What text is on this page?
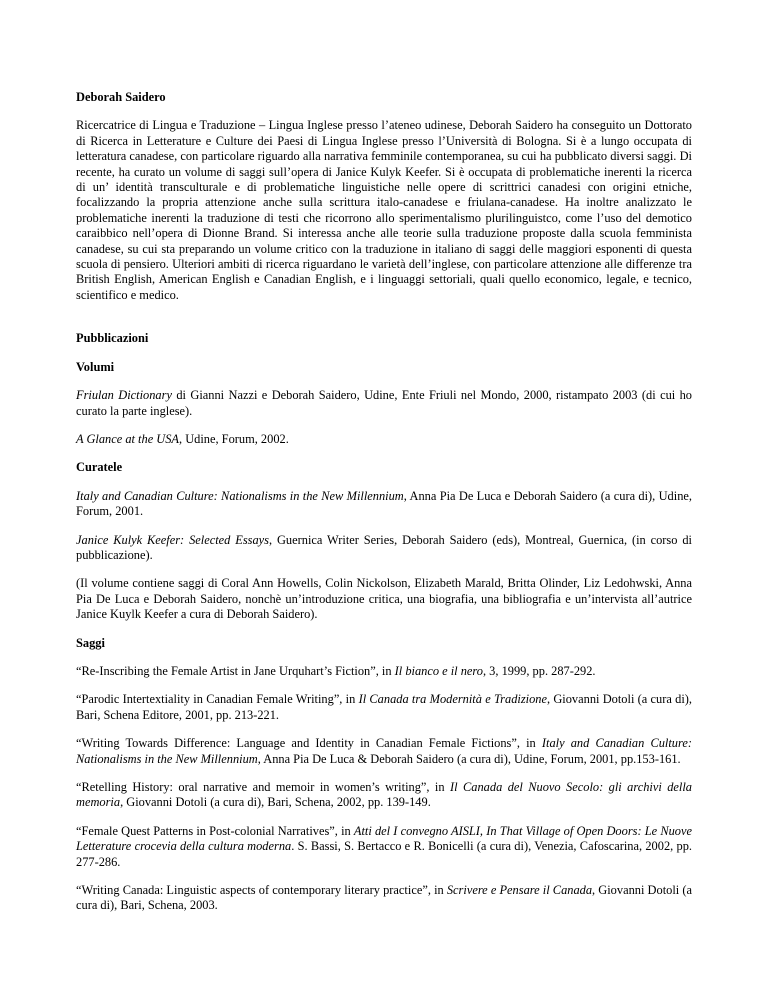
Deborah Saidero

Ricercatrice di Lingua e Traduzione – Lingua Inglese presso l’ateneo udinese, Deborah Saidero ha conseguito un Dottorato di Ricerca in Letterature e Culture dei Paesi di Lingua Inglese presso l’Università di Bologna. Si è a lungo occupata di letteratura canadese, con particolare riguardo alla narrativa femminile contemporanea, su cui ha pubblicato diversi saggi. Di recente, ha curato un volume di saggi sull’opera di Janice Kulyk Keefer. Si è occupata di problematiche inerenti la ricerca di un’ identità transculturale e di problematiche linguistiche nelle opere di scrittrici canadesi con origini etniche, focalizzando la propria attenzione anche sulla scrittura italo-canadese e friulana-canadese. Ha inoltre analizzato le problematiche inerenti la traduzione di testi che ricorrono allo sperimentalismo plurilinguistco, come l’uso del demotico caraibbico nell’opera di Dionne Brand. Si interessa anche alle teorie sulla traduzione proposte dalla scuola femminista canadese, su cui sta preparando un volume critico con la traduzione in italiano di saggi delle maggiori esponenti di questa scuola di pensiero. Ulteriori ambiti di ricerca riguardano le varietà dell’inglese, con particolare attenzione alle differenze tra British English, American English e Canadian English, e i linguaggi settoriali, quali quello economico, legale, e tecnico, scientifico e medico.

Pubblicazioni

Volumi

Friulan Dictionary di Gianni Nazzi e Deborah Saidero, Udine, Ente Friuli nel Mondo, 2000, ristampato 2003 (di cui ho curato la parte inglese).

A Glance at the USA, Udine, Forum, 2002.

Curatele

Italy and Canadian Culture: Nationalisms in the New Millennium, Anna Pia De Luca e Deborah Saidero (a cura di), Udine, Forum, 2001.

Janice Kulyk Keefer: Selected Essays, Guernica Writer Series, Deborah Saidero (eds), Montreal, Guernica, (in corso di pubblicazione).

(Il volume contiene saggi di Coral Ann Howells, Colin Nickolson, Elizabeth Marald, Britta Olinder, Liz Ledohwski, Anna Pia De Luca e Deborah Saidero, nonchè un’introduzione critica, una biografia, una bibliografia e un’intervista all’autrice Janice Kuylk Keefer a cura di Deborah Saidero).

Saggi

“Re-Inscribing the Female Artist in Jane Urquhart’s Fiction”, in Il bianco e il nero, 3, 1999, pp. 287-292.

“Parodic Intertextiality in Canadian Female Writing”, in Il Canada tra Modernità e Tradizione, Giovanni Dotoli (a cura di), Bari, Schena Editore, 2001, pp. 213-221.

“Writing Towards Difference: Language and Identity in Canadian Female Fictions”, in Italy and Canadian Culture: Nationalisms in the New Millennium, Anna Pia De Luca & Deborah Saidero (a cura di), Udine, Forum, 2001, pp.153-161.

“Retelling History: oral narrative and memoir in women’s writing”, in Il Canada del Nuovo Secolo: gli archivi della memoria, Giovanni Dotoli (a cura di), Bari, Schena, 2002, pp. 139-149.

“Female Quest Patterns in Post-colonial Narratives”, in Atti del I convegno AISLI, In That Village of Open Doors: Le Nuove Letterature crocevia della cultura moderna. S. Bassi, S. Bertacco e R. Bonicelli (a cura di), Venezia, Cafoscarina, 2002, pp. 277-286.

“Writing Canada: Linguistic aspects of contemporary literary practice”, in Scrivere e Pensare il Canada, Giovanni Dotoli (a cura di), Bari, Schena, 2003.
